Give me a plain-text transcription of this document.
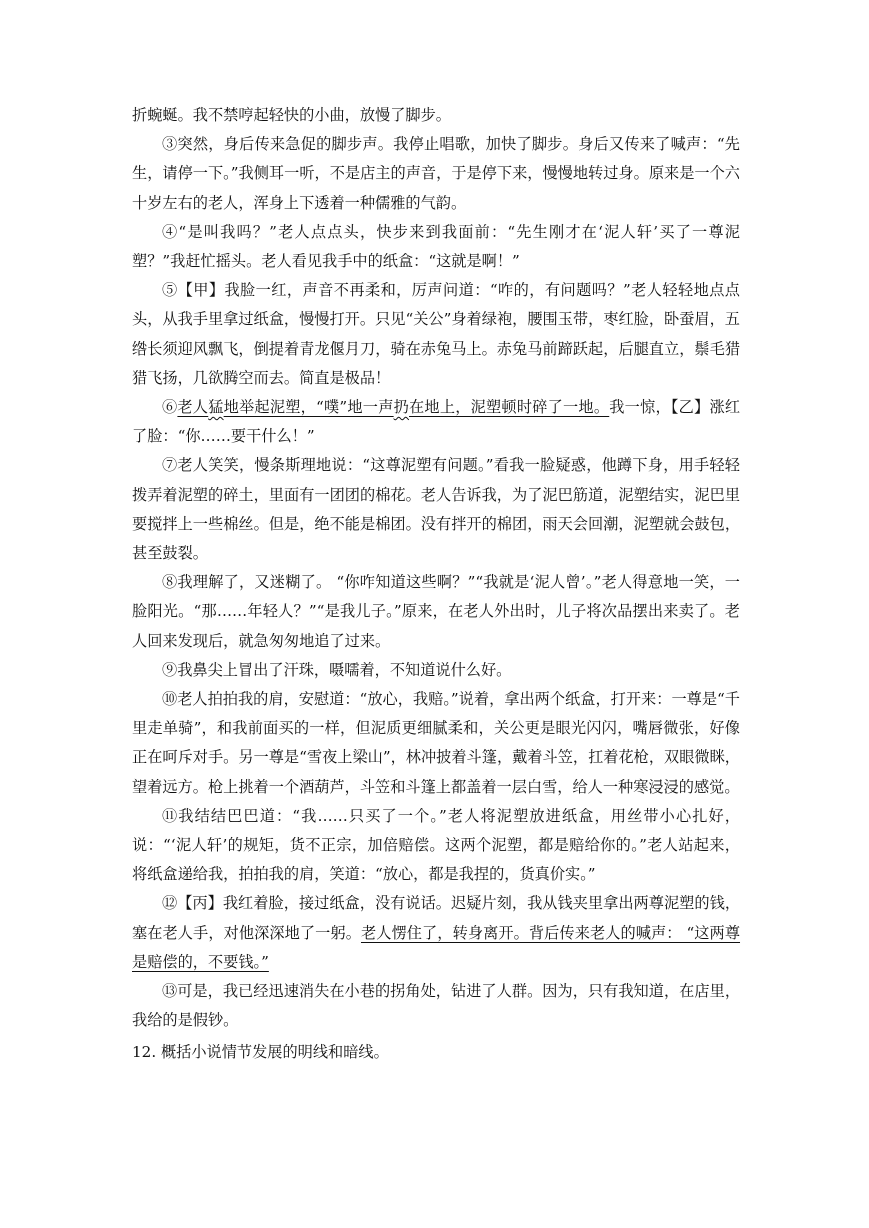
折蜿蜒。我不禁哼起轻快的小曲，放慢了脚步。

③突然，身后传来急促的脚步声。我停止唱歌，加快了脚步。身后又传来了喊声：“先生，请停一下。”我侧耳一听，不是店主的声音，于是停下来，慢慢地转过身。原来是一个六十岁左右的老人，浑身上下透着一种儒雅的气韵。

④“是叫我吗？”老人点点头，快步来到我面前：“先生刚才在‘泥人轩’买了一尊泥塑？”我赶忙摇头。老人看见我手中的纸盒：“这就是啊！”

⑤【甲】我脸一红，声音不再柔和，厉声问道：“咋的，有问题吗？”老人轻轻地点点头，从我手里拿过纸盒，慢慢打开。只见“关公”身着绿袍，腰围玉带，枣红脸，卧蚕眉，五绺长须迎风飘飞，倒提着青龙偃月刀，骑在赤兔马上。赤兔马前蹄跃起，后腿直立，鬃毛猎猎飞扬，几欲腾空而去。简直是极品！

⑥老人猛地举起泥塑，“噗”地一声扔在地上，泥塑顿时碎了一地。我一惊，【乙】涨红了脸：“你……要干什么！”

⑦老人笑笑，慢条斯理地说：“这尊泥塑有问题。”看我一脸疑惑，他蹲下身，用手轻轻拨弄着泥塑的碎土，里面有一团团的棉花。老人告诉我，为了泥巴筋道，泥塑结实，泥巴里要搅拌上一些棉丝。但是，绝不能是棉团。没有拌开的棉团，雨天会回潮，泥塑就会鼓包，甚至鼓裂。

⑧我理解了，又迷糊了。 “你咋知道这些啊？”“我就是‘泥人曾’。”老人得意地一笑，一脸阳光。“那……年轻人？”“是我儿子。”原来，在老人外出时，儿子将次品摆出来卖了。老人回来发现后，就急匆匆地追了过来。

⑨我鼻尖上冒出了汗珠，嗫嚅着，不知道说什么好。

⑩老人拍拍我的肩，安慰道：“放心，我赔。”说着，拿出两个纸盒，打开来：一尊是“千里走单骑”，和我前面买的一样，但泥质更细腻柔和，关公更是眼光闪闪，嘴唇微张，好像正在呵斥对手。另一尊是“雪夜上梁山”，林冲披着斗篷，戴着斗笠，扛着花枪，双眼微眯，望着远方。枪上挑着一个酒葫芦，斗笠和斗篷上都盖着一层白雪，给人一种寒浸浸的感觉。

⑪我结结巴巴道：“我……只买了一个。”老人将泥塑放进纸盒，用丝带小心扎好，说：“‘泥人轩’的规矩，货不正宗，加倍赔偿。这两个泥塑，都是赔给你的。”老人站起来，将纸盒递给我，拍拍我的肩，笑道：“放心，都是我捏的，货真价实。”

⑫【丙】我红着脸，接过纸盒，没有说话。迟疑片刻，我从钱夹里拿出两尊泥塑的钱，塞在老人手，对他深深地了一躬。老人愣住了，转身离开。背后传来老人的喊声： “这两尊是赔偿的，不要钱。”

⑬可是，我已经迅速消失在小巷的拐角处，钻进了人群。因为，只有我知道，在店里，我给的是假钞。

12. 概括小说情节发展的明线和暗线。
